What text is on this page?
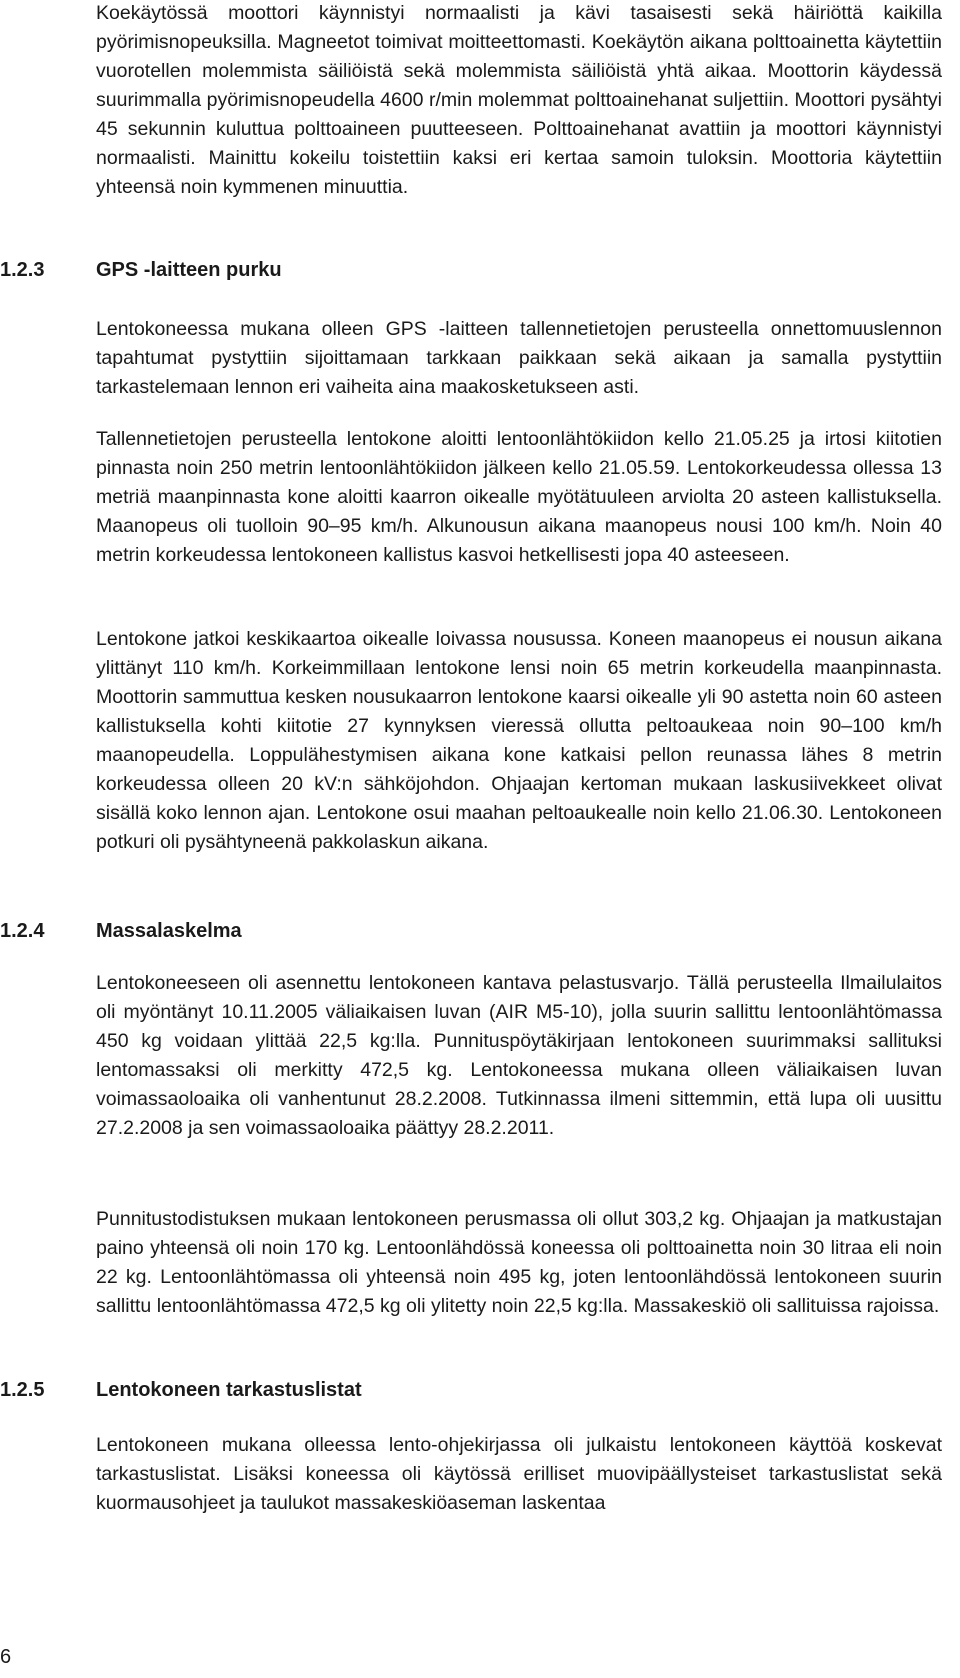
Koekäytössä moottori käynnistyi normaalisti ja kävi tasaisesti sekä häiriöttä kaikilla pyörimisnopeuksilla. Magneetot toimivat moitteettomasti. Koekäytön aikana polttoainetta käytettiin vuorotellen molemmista säiliöistä sekä molemmista säiliöistä yhtä aikaa. Moottorin käydessä suurimmalla pyörimisnopeudella 4600 r/min molemmat polttoainehanat suljettiin. Moottori pysähtyi 45 sekunnin kuluttua polttoaineen puutteeseen. Polttoainehanat avattiin ja moottori käynnistyi normaalisti. Mainittu kokeilu toistettiin kaksi eri kertaa samoin tuloksin. Moottoria käytettiin yhteensä noin kymmenen minuuttia.

1.2.3	GPS -laitteen purku

Lentokoneessa mukana olleen GPS -laitteen tallennetietojen perusteella onnettomuuslennon tapahtumat pystyttiin sijoittamaan tarkkaan paikkaan sekä aikaan ja samalla pystyttiin tarkastelemaan lennon eri vaiheita aina maakosketukseen asti.

Tallennetietojen perusteella lentokone aloitti lentoonlähtökiidon kello 21.05.25 ja irtosi kiitotien pinnasta noin 250 metrin lentoonlähtökiidon jälkeen kello 21.05.59. Lentokorkeudessa ollessa 13 metriä maanpinnasta kone aloitti kaarron oikealle myötätuuleen arviolta 20 asteen kallistuksella. Maanopeus oli tuolloin 90–95 km/h. Alkunousun aikana maanopeus nousi 100 km/h. Noin 40 metrin korkeudessa lentokoneen kallistus kasvoi hetkellisesti jopa 40 asteeseen.

Lentokone jatkoi keskikaartoa oikealle loivassa nousussa. Koneen maanopeus ei nousun aikana ylittänyt 110 km/h. Korkeimmillaan lentokone lensi noin 65 metrin korkeudella maanpinnasta. Moottorin sammuttua kesken nousukaarron lentokone kaarsi oikealle yli 90 astetta noin 60 asteen kallistuksella kohti kiitotie 27 kynnyksen vieressä ollutta peltoaukeaa noin 90–100 km/h maanopeudella. Loppulähestymisen aikana kone katkaisi pellon reunassa lähes 8 metrin korkeudessa olleen 20 kV:n sähköjohdon. Ohjaajan kertoman mukaan laskusiivekkeet olivat sisällä koko lennon ajan. Lentokone osui maahan peltoaukealle noin kello 21.06.30. Lentokoneen potkuri oli pysähtyneenä pakkolaskun aikana.

1.2.4	Massalaskelma

Lentokoneeseen oli asennettu lentokoneen kantava pelastusvarjo. Tällä perusteella Ilmailulaitos oli myöntänyt 10.11.2005 väliaikaisen luvan (AIR M5-10), jolla suurin sallittu lentoonlähtömassa 450 kg voidaan ylittää 22,5 kg:lla. Punnituspöytäkirjaan lentokoneen suurimmaksi sallituksi lentomassaksi oli merkitty 472,5 kg. Lentokoneessa mukana olleen väliaikaisen luvan voimassaoloaika oli vanhentunut 28.2.2008. Tutkinnassa ilmeni sittemmin, että lupa oli uusittu 27.2.2008 ja sen voimassaoloaika päättyy 28.2.2011.

Punnitustodistuksen mukaan lentokoneen perusmassa oli ollut 303,2 kg. Ohjaajan ja matkustajan paino yhteensä oli noin 170 kg. Lentoonlähdössä koneessa oli polttoainetta noin 30 litraa eli noin 22 kg. Lentoonlähtömassa oli yhteensä noin 495 kg, joten lentoonlähdössä lentokoneen suurin sallittu lentoonlähtömassa 472,5 kg oli ylitetty noin 22,5 kg:lla. Massakeskiö oli sallituissa rajoissa.

1.2.5	Lentokoneen tarkastuslistat

Lentokoneen mukana olleessa lento-ohjekirjassa oli julkaistu lentokoneen käyttöä koskevat tarkastuslistat. Lisäksi koneessa oli käytössä erilliset muovipäällysteiset tarkastuslistat sekä kuormausohjeet ja taulukot massakeskiöaseman laskentaa

6
